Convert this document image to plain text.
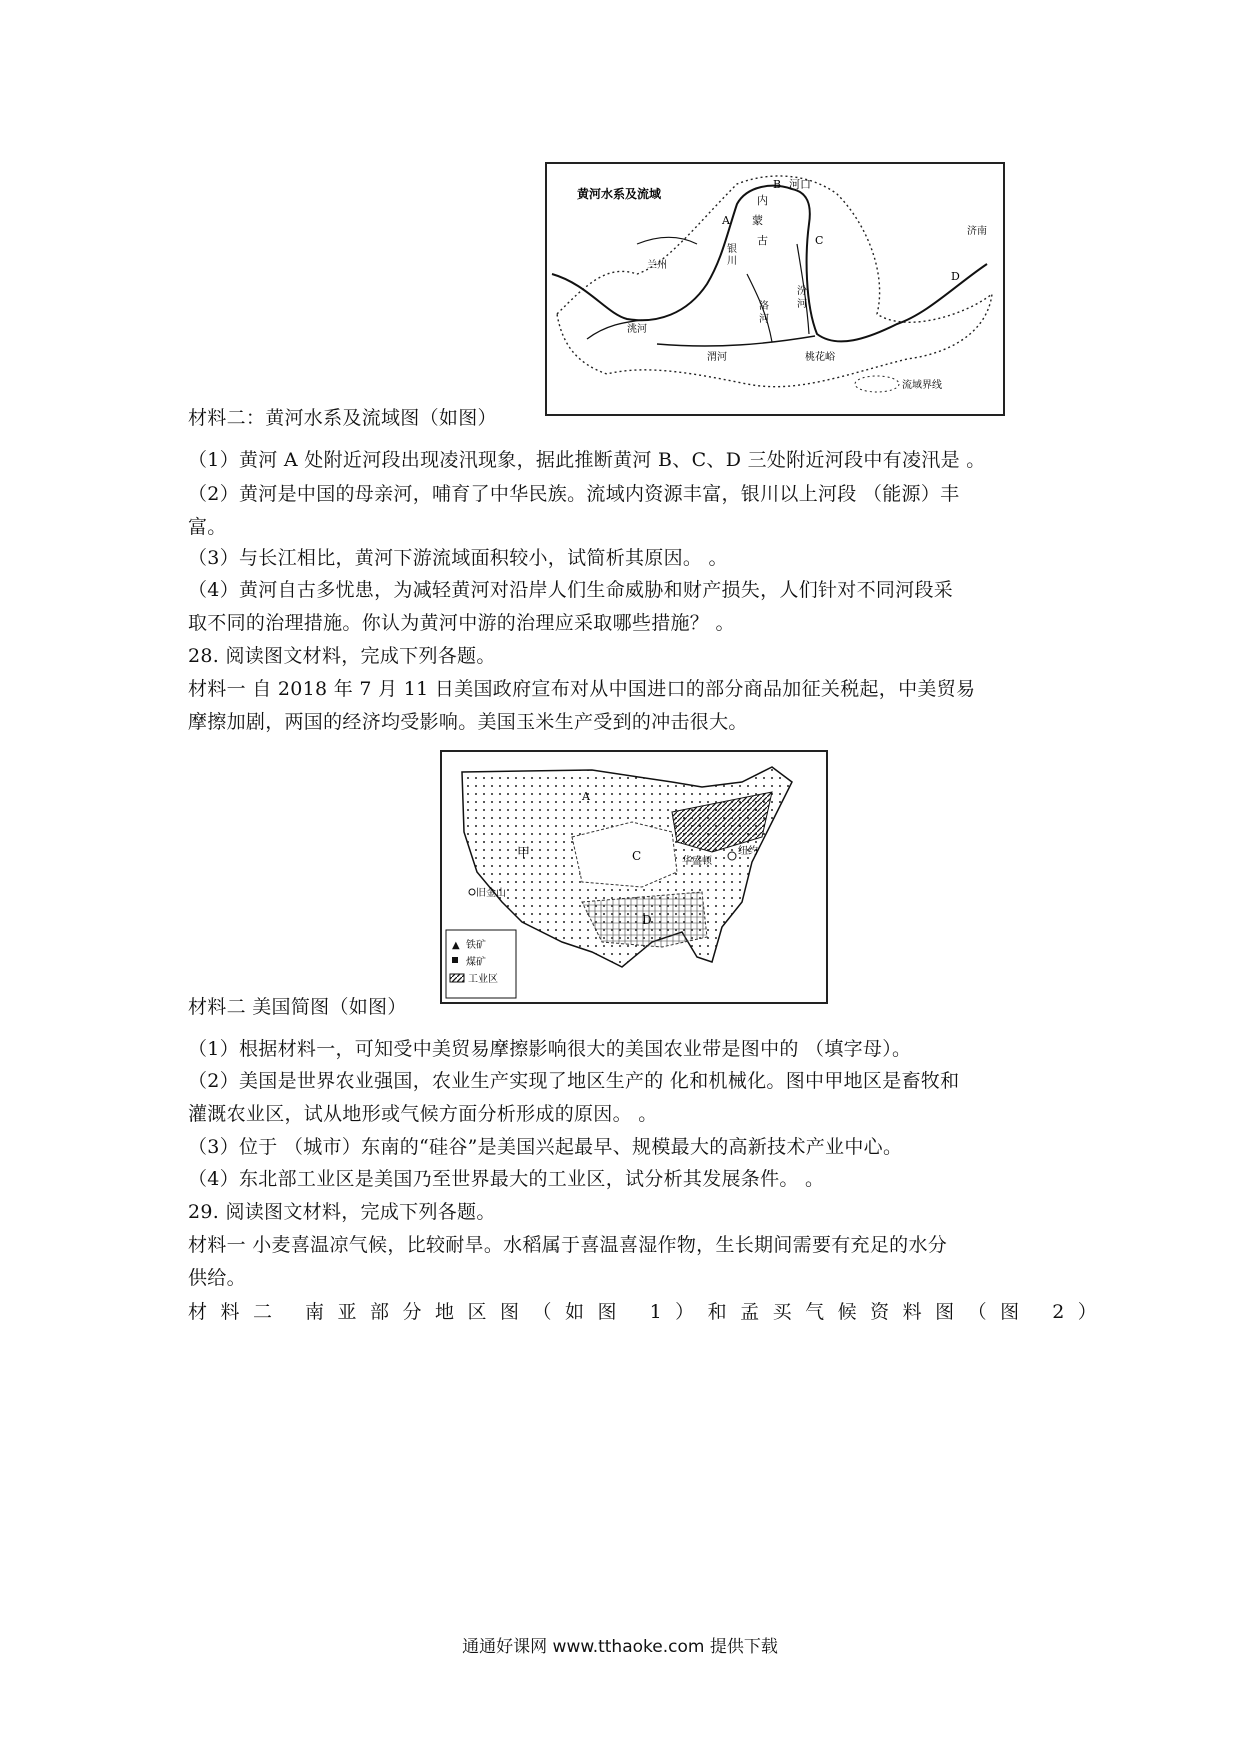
黄河水系及流域
B 河口
内
蒙
古
A
银
川
C
D
兰州
洮河
渭河
洛
河
汾
河
桃花峪
济南
流域界线
材料二：黄河水系及流域图（如图）
（1）黄河 A 处附近河段出现凌汛现象，据此推断黄河 B、C、D 三处附近河段中有凌汛是 。
（2）黄河是中国的母亲河，哺育了中华民族。流域内资源丰富，银川以上河段 （能源）丰
富。
（3）与长江相比，黄河下游流域面积较小，试简析其原因。 。
（4）黄河自古多忧患，为减轻黄河对沿岸人们生命威胁和财产损失，人们针对不同河段采
取不同的治理措施。你认为黄河中游的治理应采取哪些措施？ 。
28. 阅读图文材料，完成下列各题。
材料一 自 2018 年 7 月 11 日美国政府宣布对从中国进口的部分商品加征关税起，中美贸易
摩擦加剧，两国的经济均受影响。美国玉米生产受到的冲击很大。
A
C
D
甲
旧金山
华盛顿
纽约
▲ 铁矿
煤矿
工业区
材料二 美国简图（如图）
（1）根据材料一，可知受中美贸易摩擦影响很大的美国农业带是图中的 （填字母）。
（2）美国是世界农业强国，农业生产实现了地区生产的 化和机械化。图中甲地区是畜牧和
灌溉农业区，试从地形或气候方面分析形成的原因。 。
（3）位于 （城市）东南的“硅谷”是美国兴起最早、规模最大的高新技术产业中心。
（4）东北部工业区是美国乃至世界最大的工业区，试分析其发展条件。 。
29. 阅读图文材料，完成下列各题。
材料一 小麦喜温凉气候，比较耐旱。水稻属于喜温喜湿作物，生长期间需要有充足的水分
供给。
材料二 南亚部分地区图（如图 1）和孟买气候资料图（图 2）
通通好课网 www.tthaoke.com 提供下载
